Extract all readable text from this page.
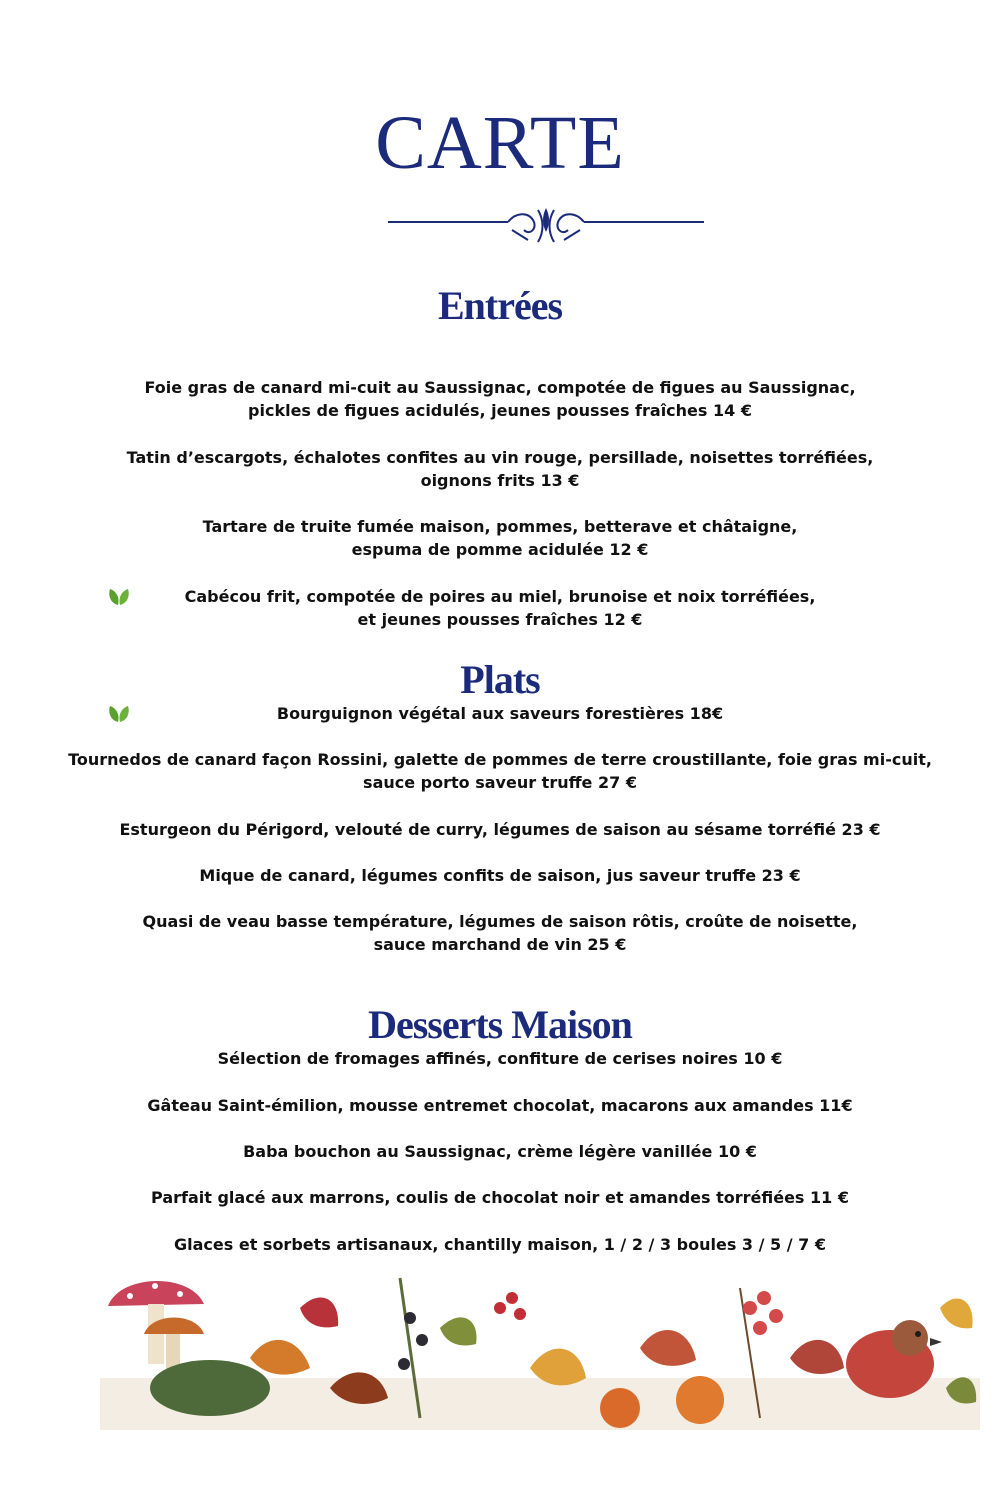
CARTE
Entrées
Foie gras de canard mi-cuit au Saussignac, compotée de figues au Saussignac,
pickles de figues acidulés, jeunes pousses fraîches 14 €
Tatin d’escargots, échalotes confites au vin rouge, persillade, noisettes torréfiées,
oignons frits 13 €
Tartare de truite fumée maison, pommes, betterave et châtaigne,
espuma de pomme acidulée 12 €
Cabécou frit, compotée de poires au miel, brunoise et noix torréfiées,
et jeunes pousses fraîches 12 €
Plats
Bourguignon végétal aux saveurs forestières 18€
Tournedos de canard façon Rossini, galette de pommes de terre croustillante, foie gras mi-cuit,
sauce porto saveur truffe 27 €
Esturgeon du Périgord, velouté de curry, légumes de saison au sésame torréfié 23 €
Mique de canard, légumes confits de saison, jus saveur truffe 23 €
Quasi de veau basse température, légumes de saison rôtis, croûte de noisette,
sauce marchand de vin 25 €
Desserts Maison
Sélection de fromages affinés, confiture de cerises noires 10 €
Gâteau Saint-émilion, mousse entremet chocolat, macarons aux amandes 11€
Baba bouchon au Saussignac, crème légère vanillée 10 €
Parfait glacé aux marrons, coulis de chocolat noir et amandes torréfiées 11 €
Glaces et sorbets artisanaux, chantilly maison, 1 / 2 / 3 boules 3 / 5 / 7 €
